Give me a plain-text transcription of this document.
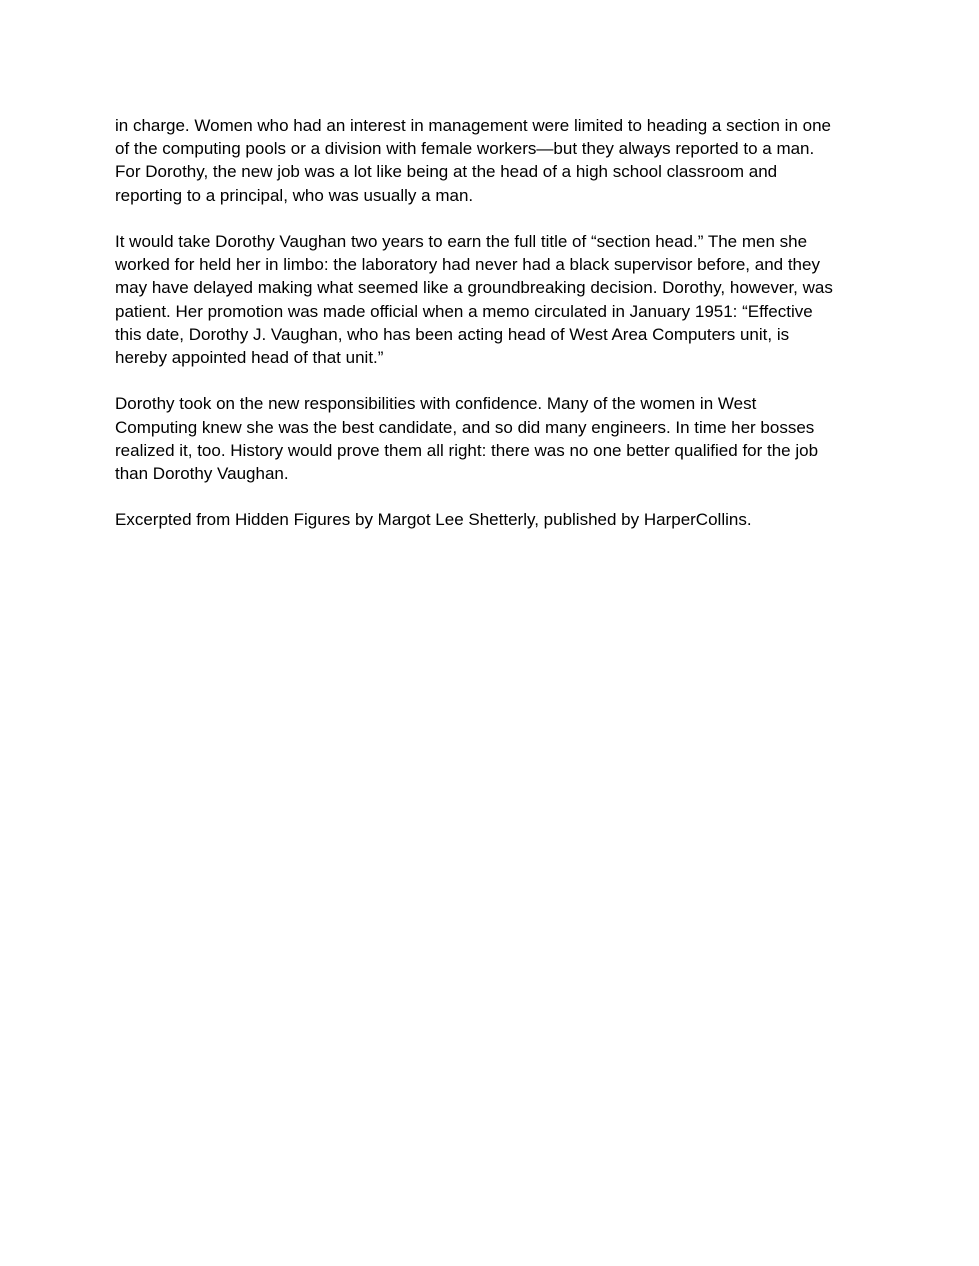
in charge. Women who had an interest in management were limited to heading a section in one
of the computing pools or a division with female workers—but they always reported to a man.
For Dorothy, the new job was a lot like being at the head of a high school classroom and
reporting to a principal, who was usually a man.

It would take Dorothy Vaughan two years to earn the full title of “section head.” The men she
worked for held her in limbo: the laboratory had never had a black supervisor before, and they
may have delayed making what seemed like a groundbreaking decision. Dorothy, however, was
patient. Her promotion was made official when a memo circulated in January 1951: “Effective
this date, Dorothy J. Vaughan, who has been acting head of West Area Computers unit, is
hereby appointed head of that unit.”

Dorothy took on the new responsibilities with confidence. Many of the women in West
Computing knew she was the best candidate, and so did many engineers. In time her bosses
realized it, too. History would prove them all right: there was no one better qualified for the job
than Dorothy Vaughan.

Excerpted from Hidden Figures by Margot Lee Shetterly, published by HarperCollins.
